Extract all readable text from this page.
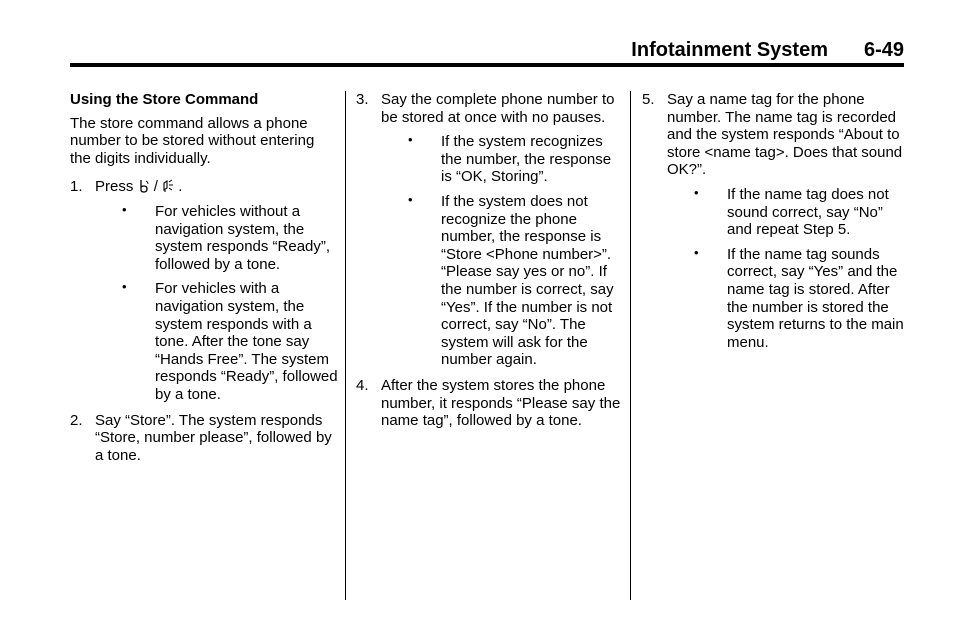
Infotainment System 6-49

Using the Store Command

The store command allows a phone number to be stored without entering the digits individually.

1. Press / .
• For vehicles without a navigation system, the system responds “Ready”, followed by a tone.
• For vehicles with a navigation system, the system responds with a tone. After the tone say “Hands Free”. The system responds “Ready”, followed by a tone.
2. Say “Store”. The system responds “Store, number please”, followed by a tone.
3. Say the complete phone number to be stored at once with no pauses.
• If the system recognizes the number, the response is “OK, Storing”.
• If the system does not recognize the phone number, the response is “Store <Phone number>”. “Please say yes or no”. If the number is correct, say “Yes”. If the number is not correct, say “No”. The system will ask for the number again.
4. After the system stores the phone number, it responds “Please say the name tag”, followed by a tone.
5. Say a name tag for the phone number. The name tag is recorded and the system responds “About to store <name tag>. Does that sound OK?”.
• If the name tag does not sound correct, say “No” and repeat Step 5.
• If the name tag sounds correct, say “Yes” and the name tag is stored. After the number is stored the system returns to the main menu.
